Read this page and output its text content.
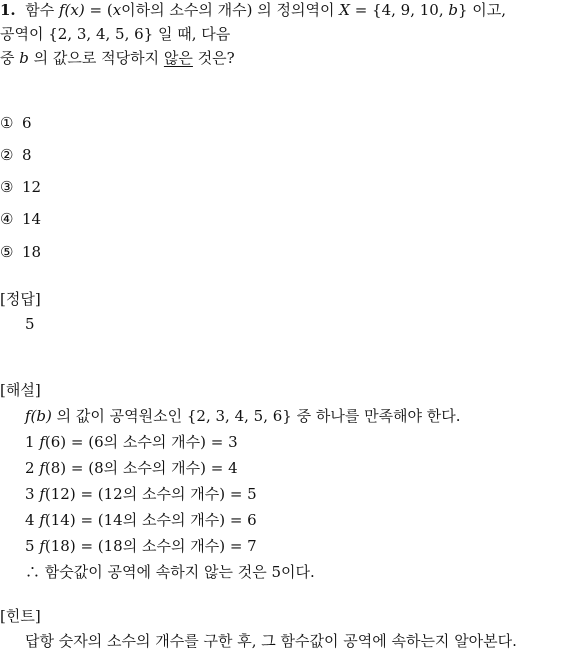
1. 함수 f(x) = (x이하의 소수의 개수) 의 정의역이 X = {4, 9, 10, b} 이고,
공역이 {2, 3, 4, 5, 6} 일 때, 다음
중 b 의 값으로 적당하지 않은 것은?
① 6
② 8
③ 12
④ 14
⑤ 18
[정답]
5
[해설]
f(b) 의 값이 공역원소인 {2, 3, 4, 5, 6} 중 하나를 만족해야 한다.
1 f(6) = (6의 소수의 개수) = 3
2 f(8) = (8의 소수의 개수) = 4
3 f(12) = (12의 소수의 개수) = 5
4 f(14) = (14의 소수의 개수) = 6
5 f(18) = (18의 소수의 개수) = 7
∴ 함숫값이 공역에 속하지 않는 것은 5이다.
[힌트]
답항 숫자의 소수의 개수를 구한 후, 그 함수값이 공역에 속하는지 알아본다.
